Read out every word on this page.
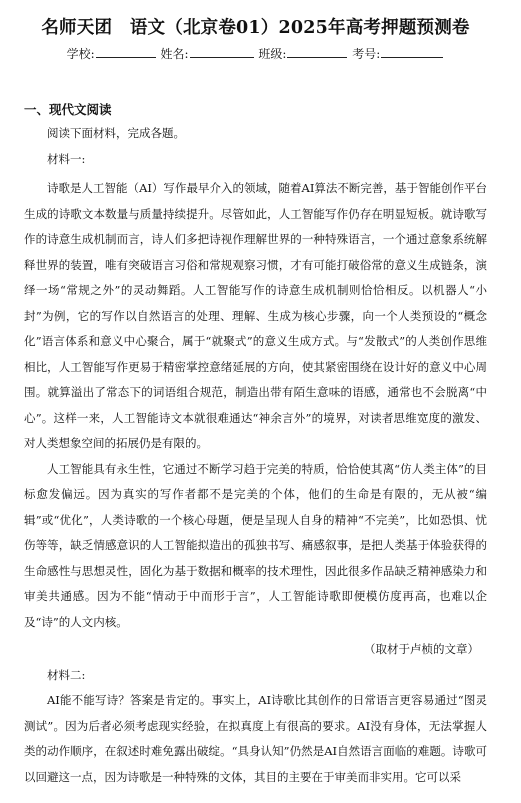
名师天团　语文（北京卷01）2025年高考押题预测卷
学校:	姓名:	班级:	考号:
一、现代文阅读

阅读下面材料，完成各题。

材料一:

诗歌是人工智能（AI）写作最早介入的领域，随着AI算法不断完善，基于智能创作平台生成的诗歌文本数量与质量持续提升。尽管如此，人工智能写作仍存在明显短板。就诗歌写作的诗意生成机制而言，诗人们多把诗视作理解世界的一种特殊语言，一个通过意象系统解释世界的装置，唯有突破语言习俗和常规观察习惯，才有可能打破俗常的意义生成链条，演绎一场“常规之外”的灵动舞蹈。人工智能写作的诗意生成机制则恰恰相反。以机器人“小封”为例，它的写作以自然语言的处理、理解、生成为核心步骤，向一个人类预设的“概念化”语言体系和意义中心聚合，属于“就聚式”的意义生成方式。与“发散式”的人类创作思维相比，人工智能写作更易于精密掌控意绪延展的方向，使其紧密围绕在设计好的意义中心周围。就算溢出了常态下的词语组合规范，制造出带有陌生意味的语感，通常也不会脱离“中心”。这样一来，人工智能诗文本就很难通达“神余言外”的境界，对读者思维宽度的激发、对人类想象空间的拓展仍是有限的。

人工智能具有永生性，它通过不断学习趋于完美的特质，恰恰使其离“仿人类主体”的目标愈发偏远。因为真实的写作者都不是完美的个体，他们的生命是有限的，无从被“编辑”或“优化”，人类诗歌的一个核心母题，便是呈现人自身的精神“不完美”，比如恐惧、忧伤等等，缺乏情感意识的人工智能拟造出的孤独书写、痛感叙事，是把人类基于体验获得的生命感性与思想灵性，固化为基于数据和概率的技术理性，因此很多作品缺乏精神感染力和审美共通感。因为不能“情动于中而形于言”，人工智能诗歌即便模仿度再高，也难以企及“诗”的人文内核。

（取材于卢桢的文章）

材料二:

AI能不能写诗？答案是肯定的。事实上，AI诗歌比其创作的日常语言更容易通过“图灵测试”。因为后者必须考虑现实经验，在拟真度上有很高的要求。AI没有身体，无法掌握人类的动作顺序，在叙述时难免露出破绽。“具身认知”仍然是AI自然语言面临的难题。诗歌可以回避这一点，因为诗歌是一种特殊的文体，其目的主要在于审美而非实用。它可以采
